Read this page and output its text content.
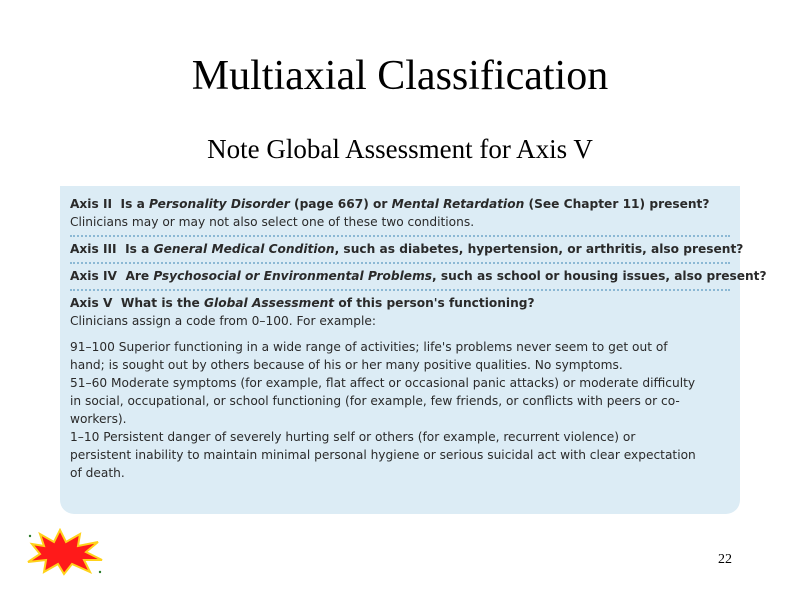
Multiaxial Classification
Note Global Assessment for Axis V
Axis II Is a Personality Disorder (page 667) or Mental Retardation (See Chapter 11) present?
Clinicians may or may not also select one of these two conditions.
Axis III Is a General Medical Condition, such as diabetes, hypertension, or arthritis, also present?
Axis IV Are Psychosocial or Environmental Problems, such as school or housing issues, also present?
Axis V What is the Global Assessment of this person's functioning?
Clinicians assign a code from 0–100. For example:
91–100 Superior functioning in a wide range of activities; life's problems never seem to get out of
hand; is sought out by others because of his or her many positive qualities. No symptoms.
51–60 Moderate symptoms (for example, flat affect or occasional panic attacks) or moderate difficulty
in social, occupational, or school functioning (for example, few friends, or conflicts with peers or co-
workers).
1–10 Persistent danger of severely hurting self or others (for example, recurrent violence) or
persistent inability to maintain minimal personal hygiene or serious suicidal act with clear expectation
of death.
22
